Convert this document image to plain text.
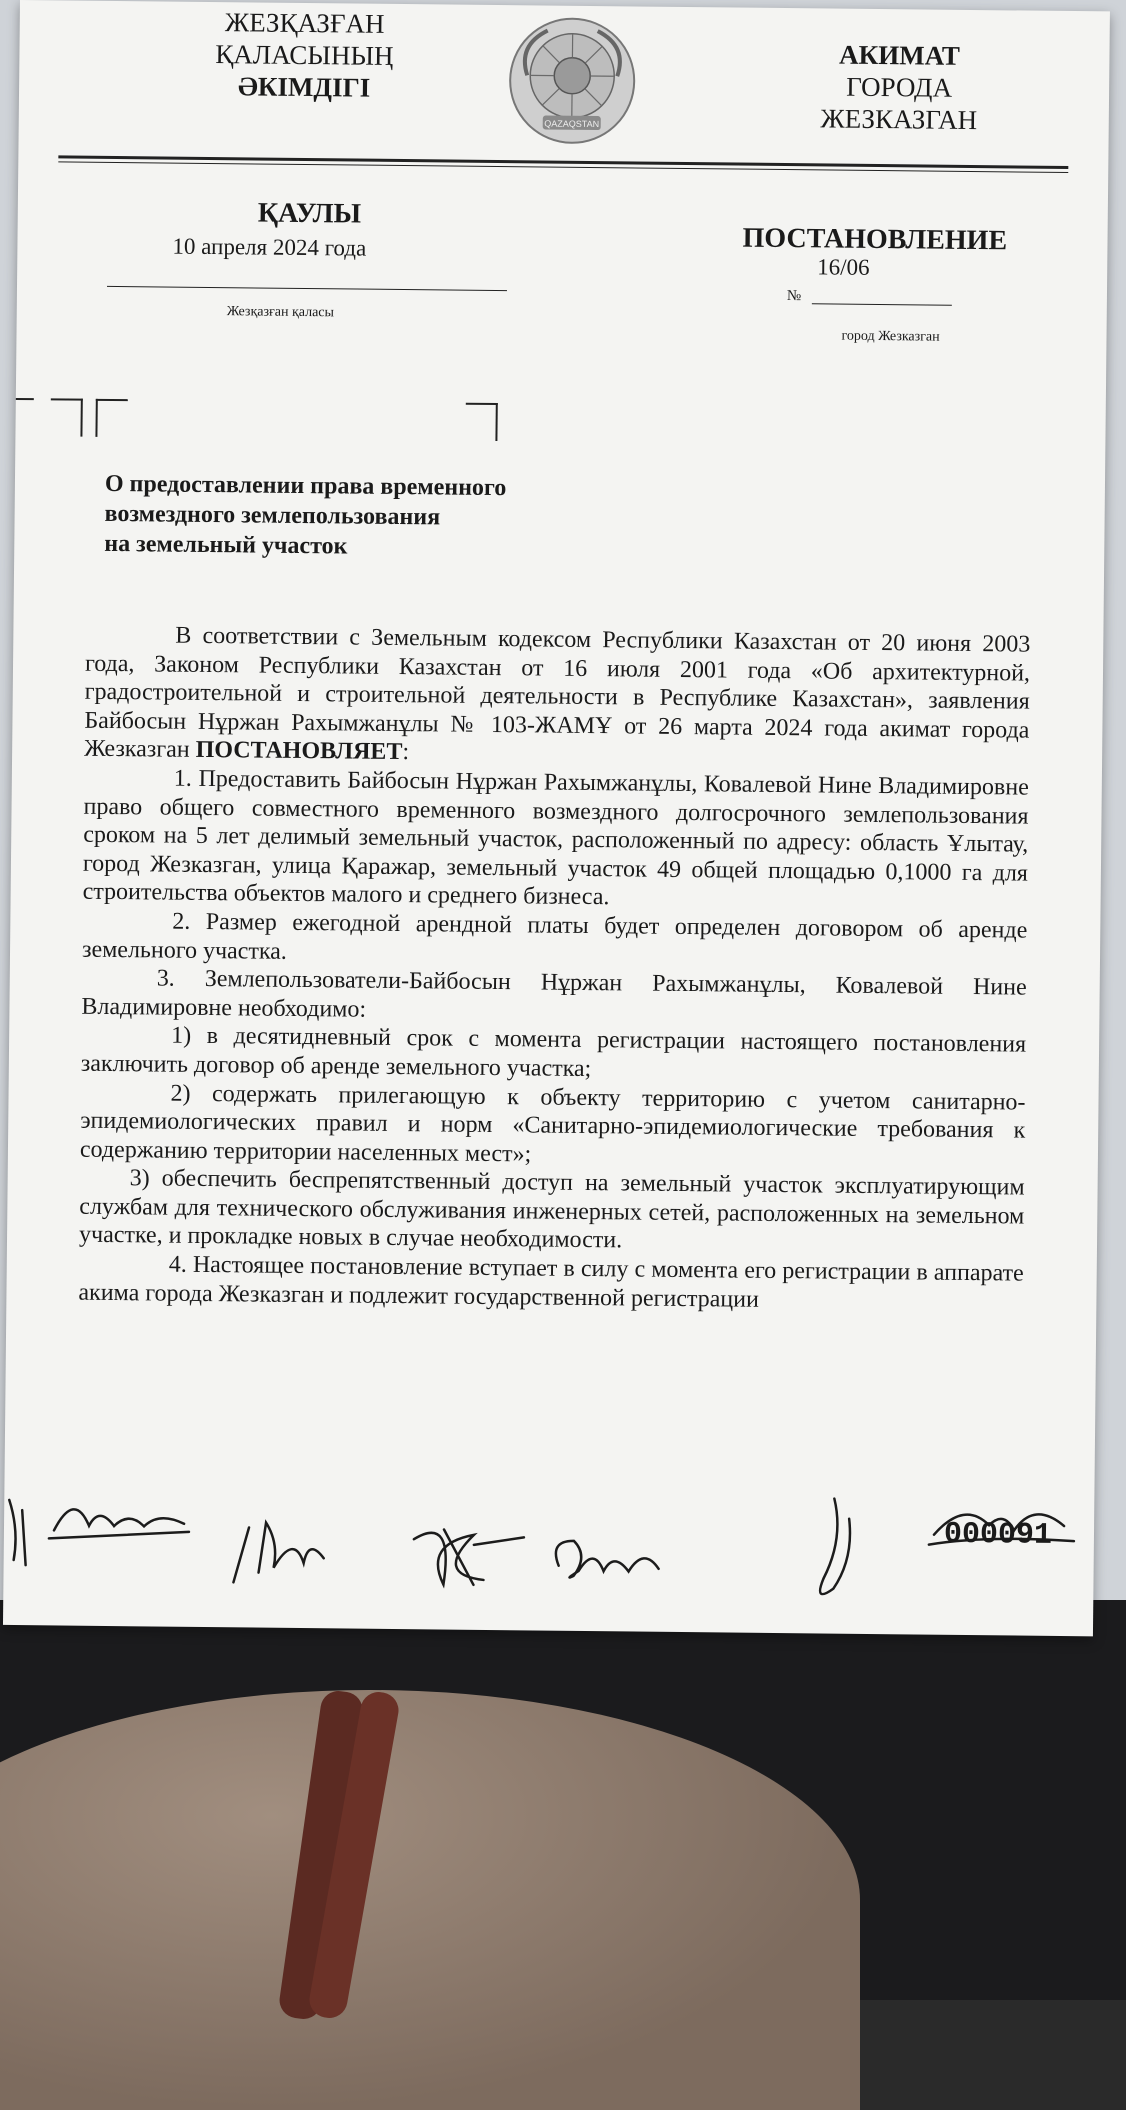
ЖЕЗҚАЗҒАН
ҚАЛАСЫНЫҢ
ӘКІМДІГІ
QAZAQSTAN
АКИМАТ
ГОРОДА
ЖЕЗКАЗГАН
ҚАУЛЫ
10 апреля 2024 года
Жезқазған қаласы
ПОСТАНОВЛЕНИЕ
16/06
№
город Жезказган
О предоставлении права временного
возмездного землепользования
на земельный участок

В соответствии с Земельным кодексом Республики Казахстан от 20 июня 2003 года, Законом Республики Казахстан от 16 июля 2001 года «Об архитектурной, градостроительной и строительной деятельности в Республике Казахстан», заявления Байбосын Нұржан Рахымжанұлы № 103-ЖАМҰ от 26 марта 2024 года акимат города Жезказган ПОСТАНОВЛЯЕТ:

1. Предоставить Байбосын Нұржан Рахымжанұлы, Ковалевой Нине Владимировне право общего совместного временного возмездного долгосрочного землепользования сроком на 5 лет делимый земельный участок, расположенный по адресу: область Ұлытау, город Жезказган, улица Қаражар, земельный участок 49 общей площадью 0,1000 га для строительства объектов малого и среднего бизнеса.

2. Размер ежегодной арендной платы будет определен договором об аренде земельного участка.

3. Землепользователи-Байбосын Нұржан Рахымжанұлы, Ковалевой Нине Владимировне необходимо:

1) в десятидневный срок с момента регистрации настоящего постановления заключить договор об аренде земельного участка;

2) содержать прилегающую к объекту территорию с учетом санитарно-эпидемиологических правил и норм «Санитарно-эпидемиологические требования к содержанию территории населенных мест»;

3) обеспечить беспрепятственный доступ на земельный участок эксплуатирующим службам для технического обслуживания инженерных сетей, расположенных на земельном участке, и прокладке новых в случае необходимости.

4. Настоящее постановление вступает в силу с момента его регистрации в аппарате акима города Жезказган и подлежит государственной регистрации

000091
